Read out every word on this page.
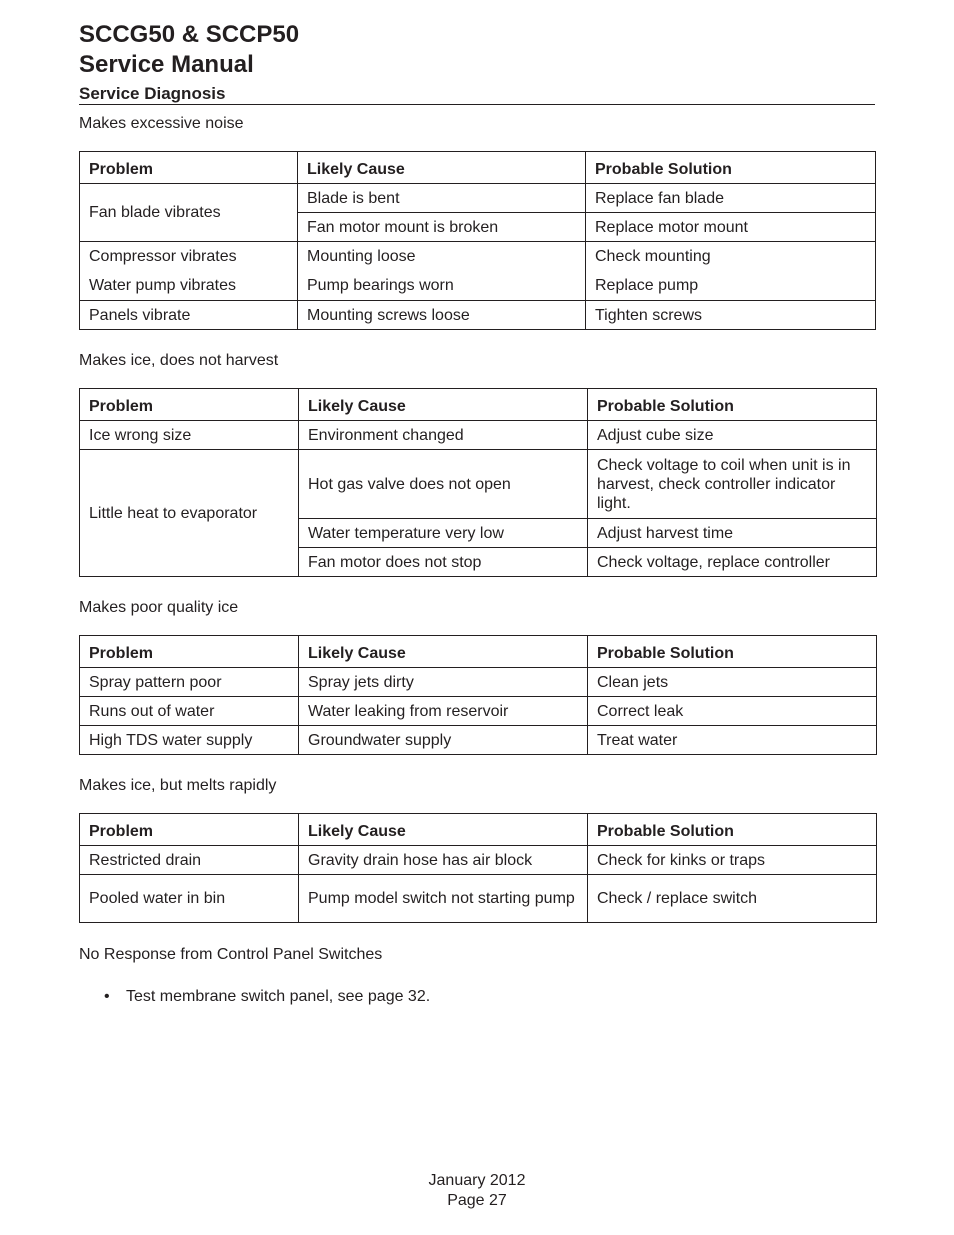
SCCG50 & SCCP50
Service Manual
Service Diagnosis
Makes excessive noise
Problem	Likely Cause	Probable Solution
Fan blade vibrates	Blade is bent	Replace fan blade
	Fan motor mount is broken	Replace motor mount
Compressor vibrates	Mounting loose	Check mounting
Water pump vibrates	Pump bearings worn	Replace pump
Panels vibrate	Mounting screws loose	Tighten screws
Makes ice, does not harvest
Problem	Likely Cause	Probable Solution
Ice wrong size	Environment changed	Adjust cube size
Little heat to evaporator	Hot gas valve does not open	Check voltage to coil when unit is in harvest, check controller indicator light.
	Water temperature very low	Adjust harvest time
	Fan motor does not stop	Check voltage, replace controller
Makes poor quality ice
Problem	Likely Cause	Probable Solution
Spray pattern poor	Spray jets dirty	Clean jets
Runs out of water	Water leaking from reservoir	Correct leak
High TDS water supply	Groundwater supply	Treat water
Makes ice, but melts rapidly
Problem	Likely Cause	Probable Solution
Restricted drain	Gravity drain hose has air block	Check for kinks or traps
Pooled water in bin	Pump model switch not starting pump	Check / replace switch
No Response from Control Panel Switches
• Test membrane switch panel, see page 32.
January 2012
Page 27
